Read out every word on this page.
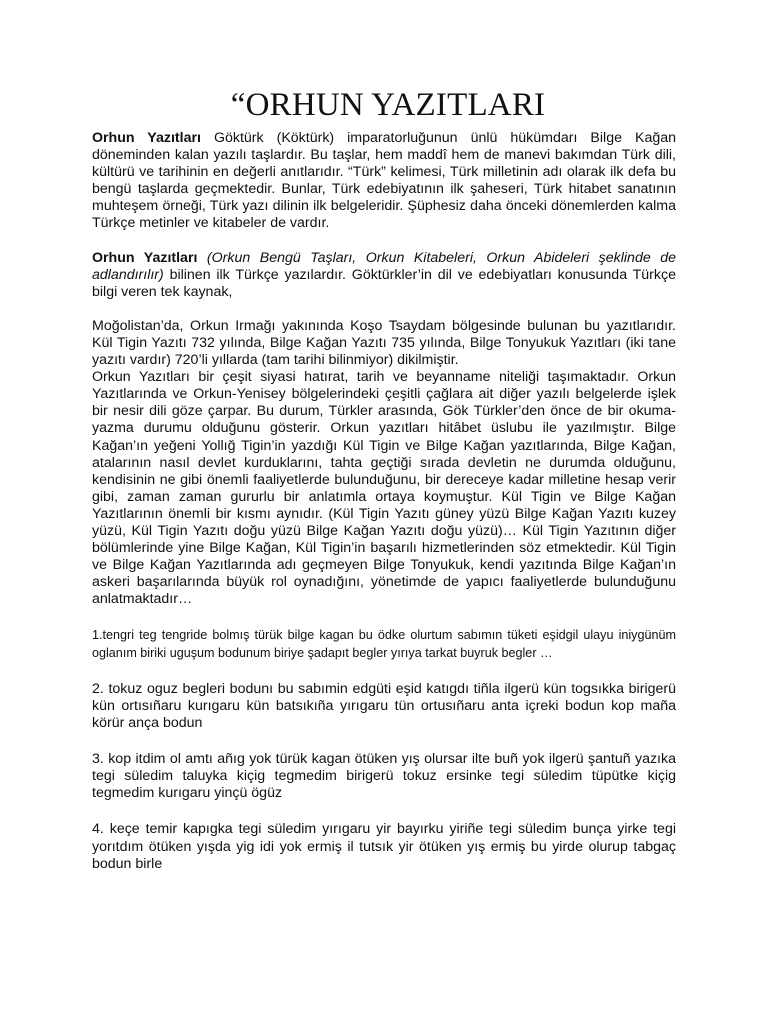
“ORHUN YAZITLARI

Orhun Yazıtları Göktürk (Köktürk) imparatorluğunun ünlü hükümdarı Bilge Kağan döneminden kalan yazılı taşlardır. Bu taşlar, hem maddî hem de manevi bakımdan Türk dili, kültürü ve tarihinin en değerli anıtlarıdır. “Türk” kelimesi, Türk milletinin adı olarak ilk defa bu bengü taşlarda geçmektedir. Bunlar, Türk edebiyatının ilk şaheseri, Türk hitabet sanatının muhteşem örneği, Türk yazı dilinin ilk belgeleridir. Şüphesiz daha önceki dönemlerden kalma Türkçe metinler ve kitabeler de vardır.

Orhun Yazıtları (Orkun Bengü Taşları, Orkun Kitabeleri, Orkun Abideleri şeklinde de adlandırılır) bilinen ilk Türkçe yazılardır. Göktürkler’in dil ve edebiyatları konusunda Türkçe bilgi veren tek kaynak,

Moğolistan’da, Orkun Irmağı yakınında Koşo Tsaydam bölgesinde bulunan bu yazıtlarıdır. Kül Tigin Yazıtı 732 yılında, Bilge Kağan Yazıtı 735 yılında, Bilge Tonyukuk Yazıtları (iki tane yazıtı vardır) 720’li yıllarda (tam tarihi bilinmiyor) dikilmiştir.

Orkun Yazıtları bir çeşit siyasi hatırat, tarih ve beyanname niteliği taşımaktadır. Orkun Yazıtlarında ve Orkun-Yenisey bölgelerindeki çeşitli çağlara ait diğer yazılı belgelerde işlek bir nesir dili göze çarpar. Bu durum, Türkler arasında, Gök Türkler’den önce de bir okuma-yazma durumu olduğunu gösterir. Orkun yazıtları hitâbet üslubu ile yazılmıştır. Bilge Kağan’ın yeğeni Yollığ Tigin’in yazdığı Kül Tigin ve Bilge Kağan yazıtlarında, Bilge Kağan, atalarının nasıl devlet kurduklarını, tahta geçtiği sırada devletin ne durumda olduğunu, kendisinin ne gibi önemli faaliyetlerde bulunduğunu, bir dereceye kadar milletine hesap verir gibi, zaman zaman gururlu bir anlatımla ortaya koymuştur. Kül Tigin ve Bilge Kağan Yazıtlarının önemli bir kısmı aynıdır. (Kül Tigin Yazıtı güney yüzü Bilge Kağan Yazıtı kuzey yüzü, Kül Tigin Yazıtı doğu yüzü Bilge Kağan Yazıtı doğu yüzü)… Kül Tigin Yazıtının diğer bölümlerinde yine Bilge Kağan, Kül Tigin’in başarılı hizmetlerinden söz etmektedir. Kül Tigin ve Bilge Kağan Yazıtlarında adı geçmeyen Bilge Tonyukuk, kendi yazıtında Bilge Kağan’ın askeri başarılarında büyük rol oynadığını, yönetimde de yapıcı faaliyetlerde bulunduğunu anlatmaktadır…

1.tengri teg tengride bolmış türük bilge kagan bu ödke olurtum sabımın tüketi eşidgil ulayu iniygünüm oglanım biriki uguşum bodunum biriye şadapıt begler yırıya tarkat buyruk begler …

2. tokuz oguz begleri bodunı bu sabımin edgüti eşid katıgdı tiñla ilgerü kün togsıkka birigerü kün ortısıñaru kurıgaru kün batsıkıña yırıgaru tün ortusıñaru anta içreki bodun kop maña körür ança bodun

3. kop itdim ol amtı añıg yok türük kagan ötüken yış olursar ilte buñ yok ilgerü şantuñ yazıka tegi süledim taluyka kiçig tegmedim birigerü tokuz ersinke tegi süledim tüpütke kiçig tegmedim kurıgaru yinçü ögüz

4. keçe temir kapıgka tegi süledim yırıgaru yir bayırku yiriñe tegi süledim bunça yirke tegi yorıtdım ötüken yışda yig idi yok ermiş il tutsık yir ötüken yış ermiş bu yirde olurup tabgaç bodun birle
